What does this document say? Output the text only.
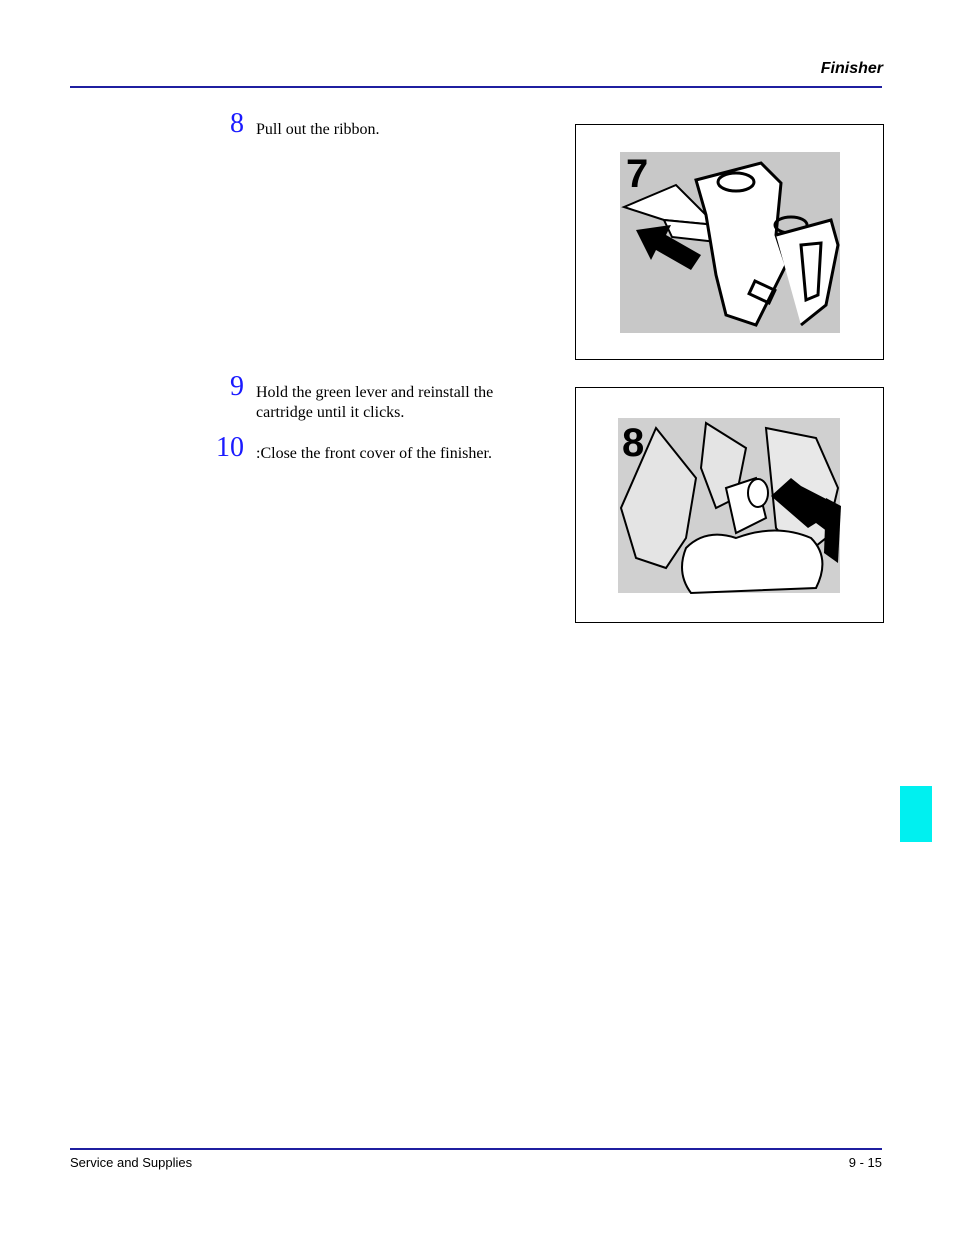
Finisher
8 Pull out the ribbon.
9 Hold the green lever and reinstall the cartridge until it clicks.
10 :Close the front cover of the finisher.
7
8
Service and Supplies	9 - 15
